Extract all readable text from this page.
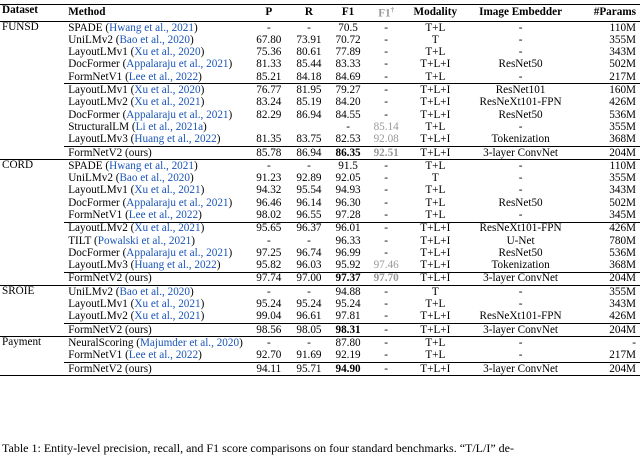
Dataset	Method	P	R	F1	F1†	Modality	Image Embedder	#Params
FUNSD	SPADE (Hwang et al., 2021)	-	-	70.5	-	T+L	-	110M
	UniLMv2 (Bao et al., 2020)	67.80	73.91	70.72	-	T	-	355M
	LayoutLMv1 (Xu et al., 2020)	75.36	80.61	77.89	-	T+L	-	343M
	DocFormer (Appalaraju et al., 2021)	81.33	85.44	83.33	-	T+L+I	ResNet50	502M
	FormNetV1 (Lee et al., 2022)	85.21	84.18	84.69	-	T+L	-	217M
	LayoutLMv1 (Xu et al., 2020)	76.77	81.95	79.27	-	T+L+I	ResNet101	160M
	LayoutLMv2 (Xu et al., 2021)	83.24	85.19	84.20	-	T+L+I	ResNeXt101-FPN	426M
	DocFormer (Appalaraju et al., 2021)	82.29	86.94	84.55	-	T+L+I	ResNet50	536M
	StructuralLM (Li et al., 2021a)			-	85.14	T+L	-	355M
	LayoutLMv3 (Huang et al., 2022)	81.35	83.75	82.53	92.08	T+L+I	Tokenization	368M
	FormNetV2 (ours)	85.78	86.94	86.35	92.51	T+L+I	3-layer ConvNet	204M
CORD	SPADE (Hwang et al., 2021)	-	-	91.5	-	T+L	-	110M
	UniLMv2 (Bao et al., 2020)	91.23	92.89	92.05	-	T	-	355M
	LayoutLMv1 (Xu et al., 2021)	94.32	95.54	94.93	-	T+L	-	343M
	DocFormer (Appalaraju et al., 2021)	96.46	96.14	96.30	-	T+L	ResNet50	502M
	FormNetV1 (Lee et al., 2022)	98.02	96.55	97.28	-	T+L	-	345M
	LayoutLMv2 (Xu et al., 2021)	95.65	96.37	96.01	-	T+L+I	ResNeXt101-FPN	426M
	TILT (Powalski et al., 2021)	-	-	96.33	-	T+L+I	U-Net	780M
	DocFormer (Appalaraju et al., 2021)	97.25	96.74	96.99	-	T+L+I	ResNet50	536M
	LayoutLMv3 (Huang et al., 2022)	95.82	96.03	95.92	97.46	T+L+I	Tokenization	368M
	FormNetV2 (ours)	97.74	97.00	97.37	97.70	T+L+I	3-layer ConvNet	204M
SROIE	UniLMv2 (Bao et al., 2020)	-	-	94.88	-	T	-	355M
	LayoutLMv1 (Xu et al., 2021)	95.24	95.24	95.24	-	T+L	-	343M
	LayoutLMv2 (Xu et al., 2021)	99.04	96.61	97.81	-	T+L+I	ResNeXt101-FPN	426M
	FormNetV2 (ours)	98.56	98.05	98.31	-	T+L+I	3-layer ConvNet	204M
Payment	NeuralScoring (Majumder et al., 2020)	-	-	87.80	-	T+L	-	-
	FormNetV1 (Lee et al., 2022)	92.70	91.69	92.19	-	T+L	-	217M
	FormNetV2 (ours)	94.11	95.71	94.90	-	T+L+I	3-layer ConvNet	204M
Table 1: Entity-level precision, recall, and F1 score comparisons on four standard benchmarks. “T/L/I” de-
